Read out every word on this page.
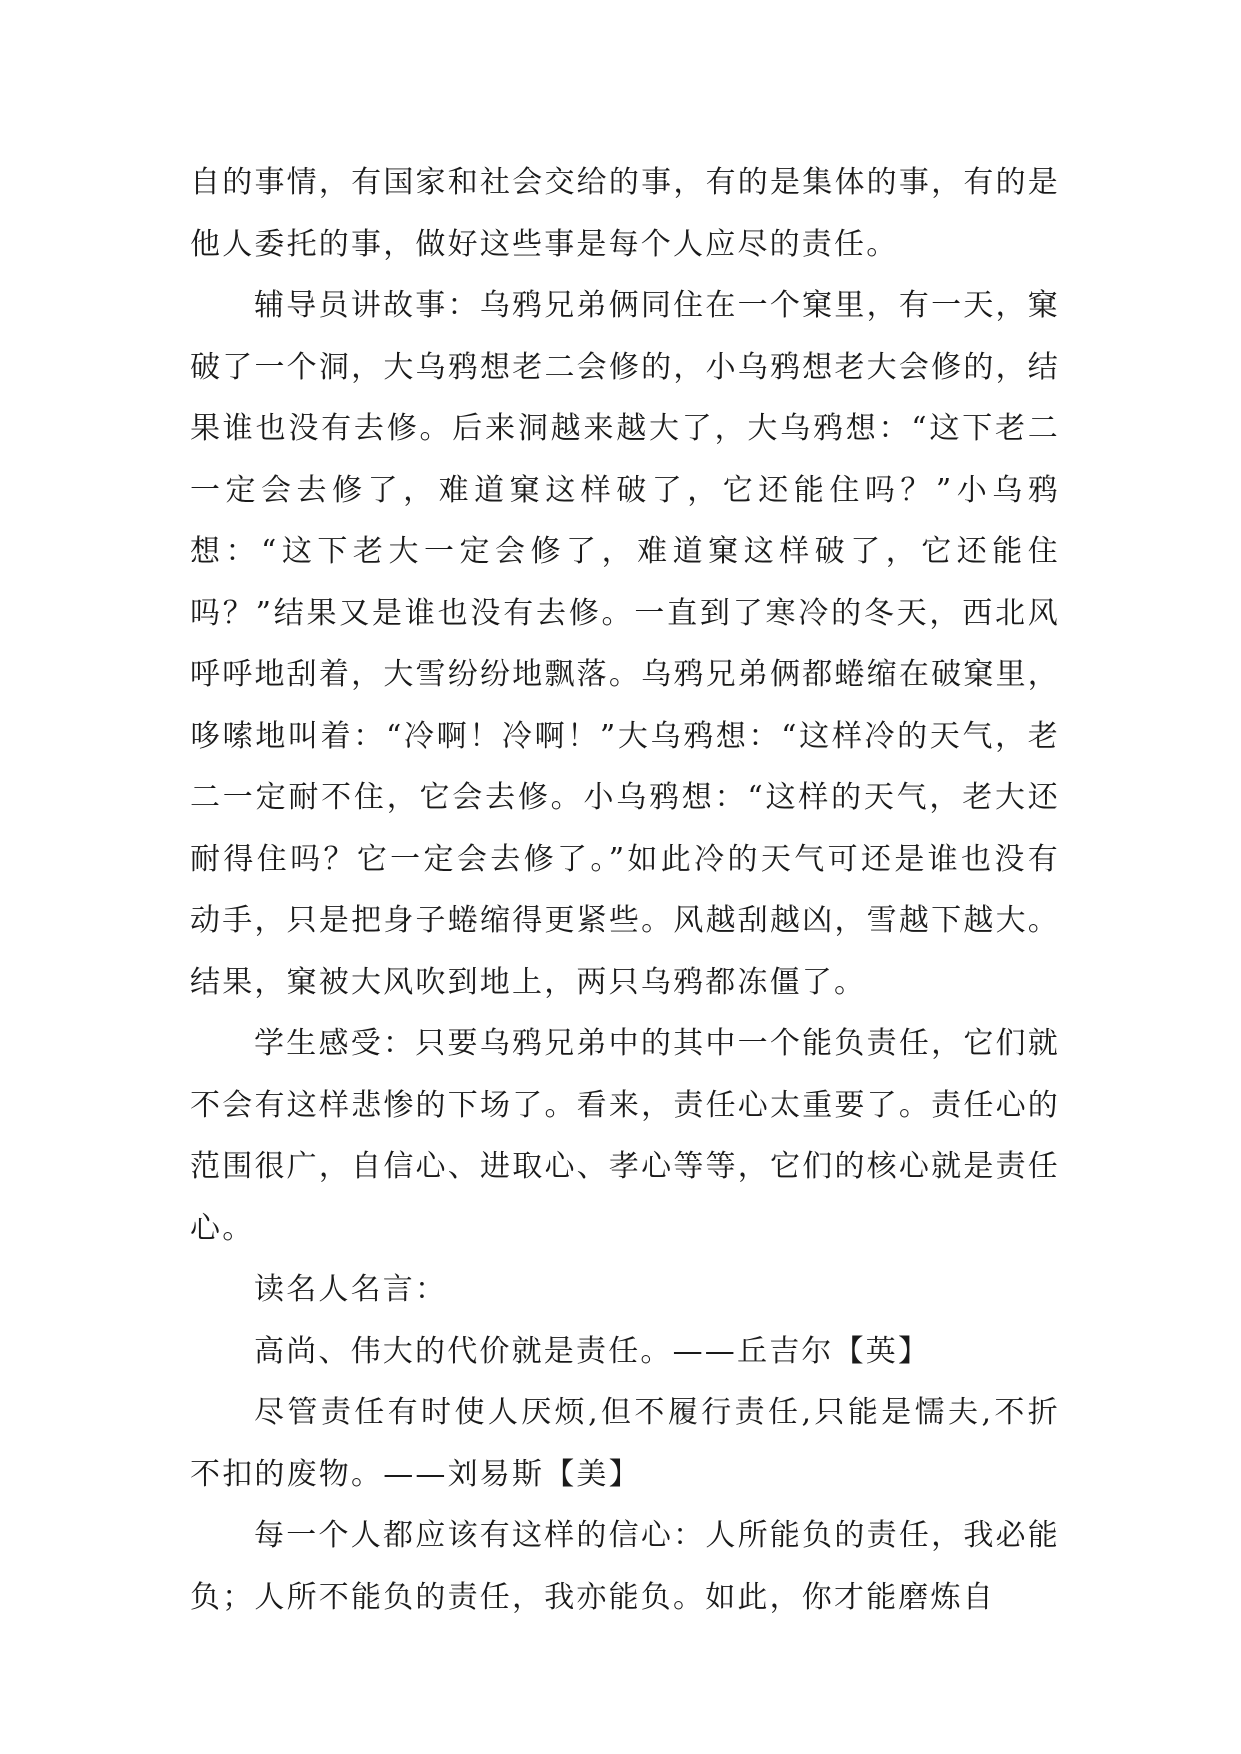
自的事情，有国家和社会交给的事，有的是集体的事，有的是他人委托的事，做好这些事是每个人应尽的责任。

辅导员讲故事：乌鸦兄弟俩同住在一个窠里，有一天，窠破了一个洞，大乌鸦想老二会修的，小乌鸦想老大会修的，结果谁也没有去修。后来洞越来越大了，大乌鸦想：“这下老二一定会去修了，难道窠这样破了，它还能住吗？”小乌鸦想：“这下老大一定会修了，难道窠这样破了，它还能住吗？”结果又是谁也没有去修。一直到了寒冷的冬天，西北风呼呼地刮着，大雪纷纷地飘落。乌鸦兄弟俩都蜷缩在破窠里，哆嗦地叫着：“冷啊！冷啊！”大乌鸦想：“这样冷的天气，老二一定耐不住，它会去修。小乌鸦想：“这样的天气，老大还耐得住吗？它一定会去修了。”如此冷的天气可还是谁也没有动手，只是把身子蜷缩得更紧些。风越刮越凶，雪越下越大。结果，窠被大风吹到地上，两只乌鸦都冻僵了。

学生感受：只要乌鸦兄弟中的其中一个能负责任，它们就不会有这样悲惨的下场了。看来，责任心太重要了。责任心的范围很广，自信心、进取心、孝心等等，它们的核心就是责任心。

读名人名言：

高尚、伟大的代价就是责任。——丘吉尔【英】

尽管责任有时使人厌烦,但不履行责任,只能是懦夫,不折不扣的废物。——刘易斯【美】

每一个人都应该有这样的信心：人所能负的责任，我必能负；人所不能负的责任，我亦能负。如此，你才能磨炼自
